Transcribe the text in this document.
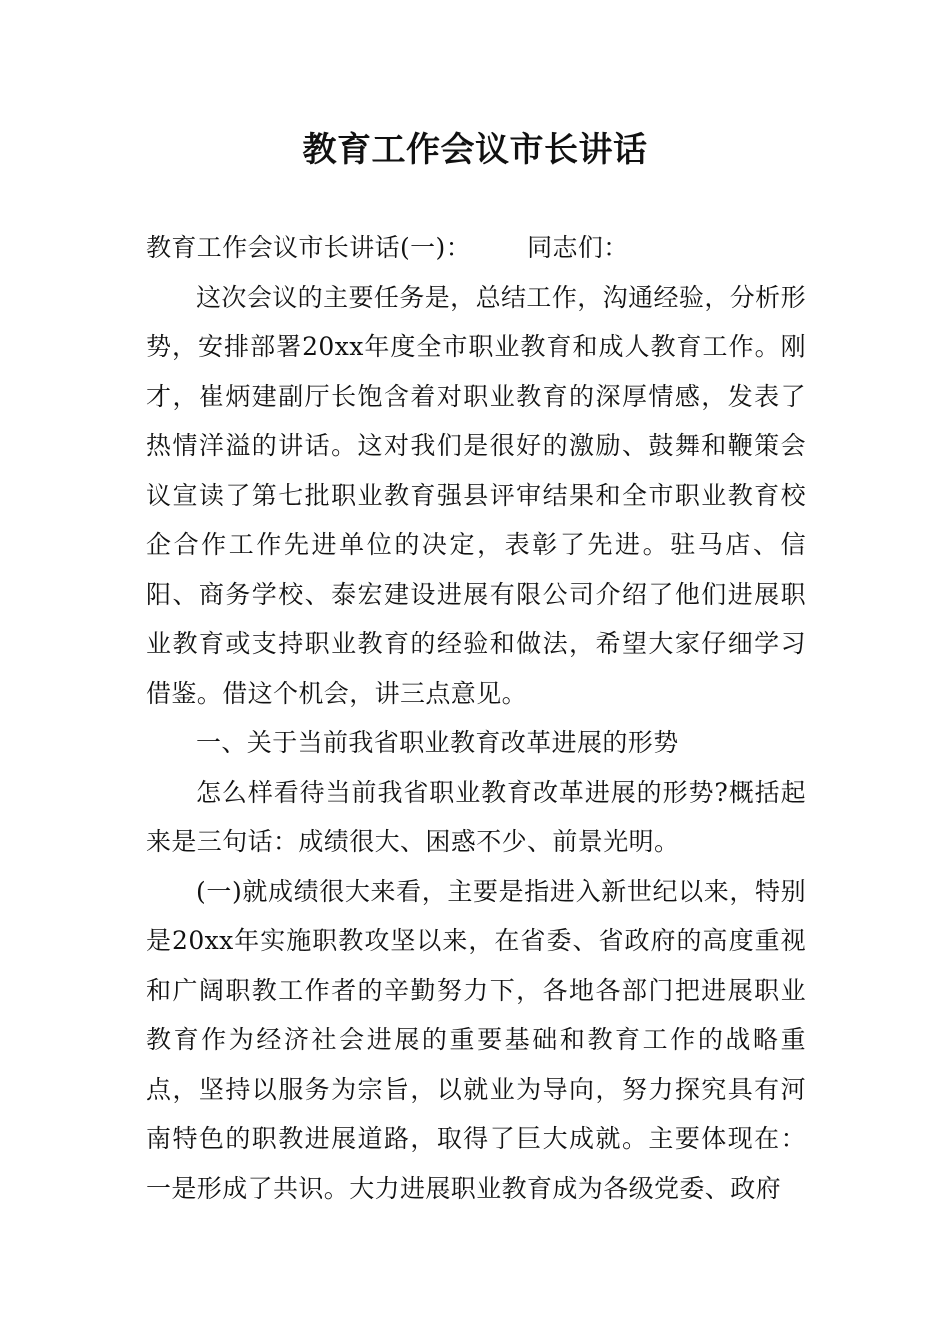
教育工作会议市长讲话

教育工作会议市长讲话(一)： 同志们：

这次会议的主要任务是，总结工作，沟通经验，分析形势，安排部署20xx年度全市职业教育和成人教育工作。刚才，崔炳建副厅长饱含着对职业教育的深厚情感，发表了热情洋溢的讲话。这对我们是很好的激励、鼓舞和鞭策会议宣读了第七批职业教育强县评审结果和全市职业教育校企合作工作先进单位的决定，表彰了先进。驻马店、信阳、商务学校、泰宏建设进展有限公司介绍了他们进展职业教育或支持职业教育的经验和做法，希望大家仔细学习借鉴。借这个机会，讲三点意见。

一、关于当前我省职业教育改革进展的形势

怎么样看待当前我省职业教育改革进展的形势?概括起来是三句话：成绩很大、困惑不少、前景光明。

(一)就成绩很大来看，主要是指进入新世纪以来，特别是20xx年实施职教攻坚以来，在省委、省政府的高度重视和广阔职教工作者的辛勤努力下，各地各部门把进展职业教育作为经济社会进展的重要基础和教育工作的战略重点，坚持以服务为宗旨，以就业为导向，努力探究具有河南特色的职教进展道路，取得了巨大成就。主要体现在：一是形成了共识。大力进展职业教育成为各级党委、政府
